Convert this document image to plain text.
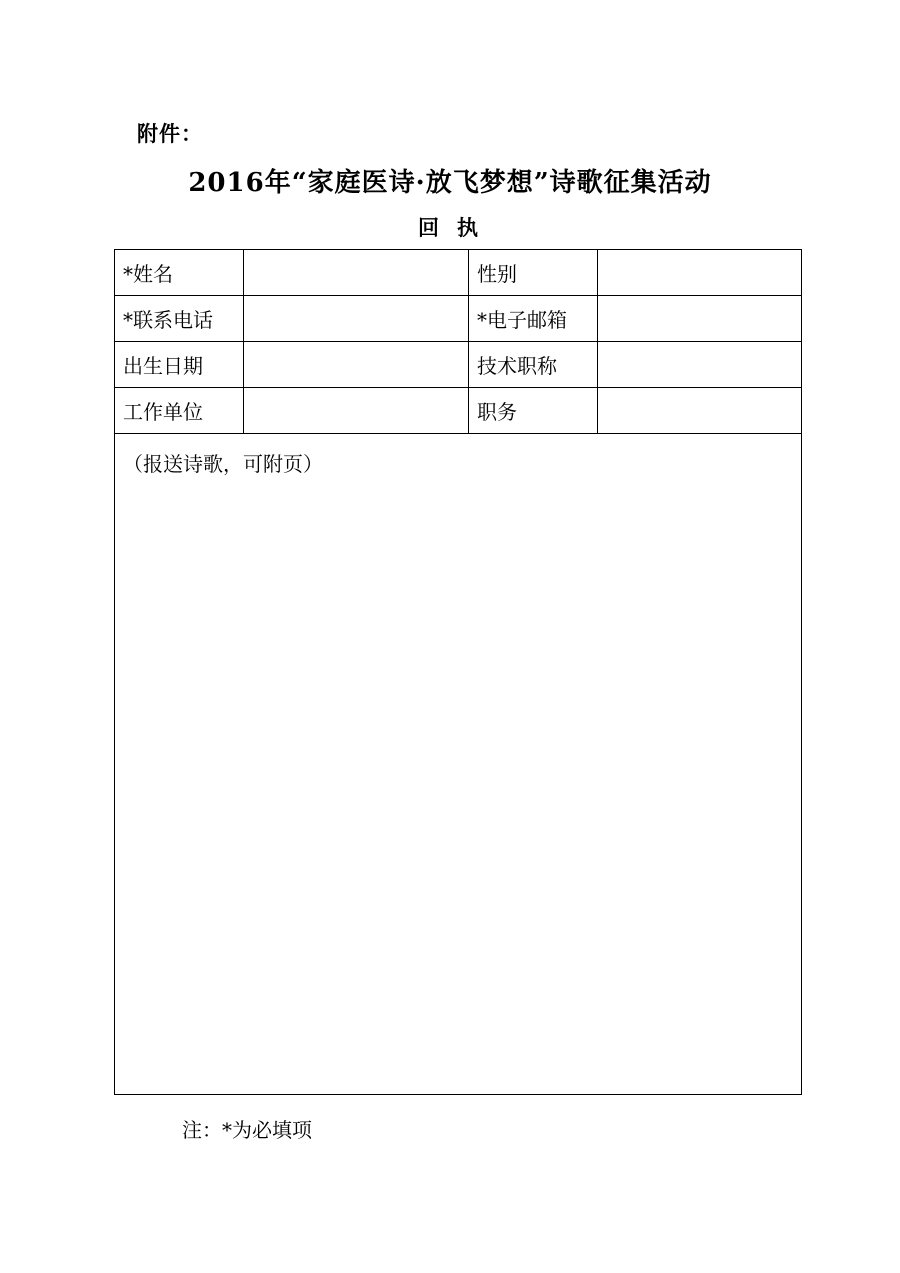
附件：
2016年“家庭医诗·放飞梦想”诗歌征集活动
回执
*姓名		性别	
*联系电话		*电子邮箱	
出生日期		技术职称	
工作单位		职务	
（报送诗歌，可附页）			
注：*为必填项
